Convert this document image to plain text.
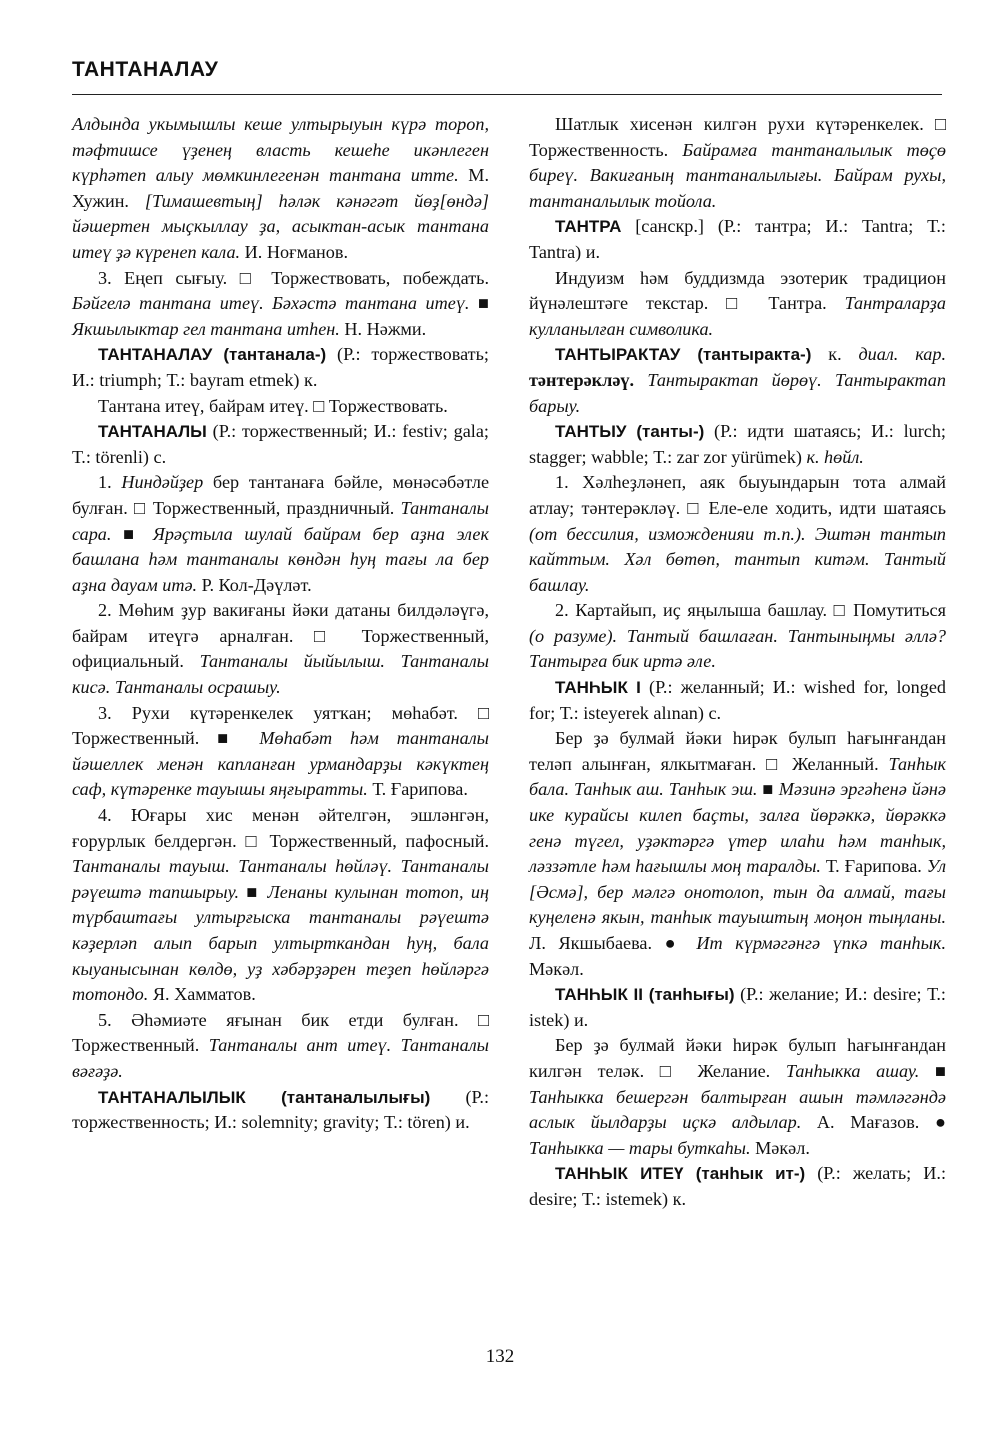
ТАНТАНАЛАУ

Алдында укымышлы кеше ултырыуын күрә тороп, тәфтишсе үҙенең власть кешеһе икәнлеген күрһәтеп алыу мөмкинлегенән тантана итте. М. Хужин. [Тимашевтың] һәләк кәнәгәт йөҙ[өндә] йәшертен мыҫкыллау ҙа, асыктан-асык тантана итеү ҙә күренеп кала. И. Ноғманов.

3. Еңеп сығыу. □ Торжествовать, побеждать. Бәйгелә тантана итеү. Бәхәстә тантана итеү. ■ Якшылыктар гел тантана итһен. Н. Нәжми.

ТАНТАНАЛАУ (тантанала-) (Р.: торжествовать; И.: triumph; Т.: bayram etmek) к.

Тантана итеү, байрам итеү. □ Торжествовать.

ТАНТАНАЛЫ (Р.: торжественный; И.: festiv; gala; Т.: törenli) с.

1. Ниндәйҙер бер тантанаға бәйле, мөнәсәбәтле булған. □ Торжественный, праздничный. Тантаналы сара. ■ Ярәҫтыла шулай байрам бер аҙна элек башлана һәм тантаналы көндән һуң тағы ла бер аҙна дауам итә. Р. Кол-Дәүләт.

2. Мөһим ҙур вакиғаны йәки датаны билдәләүгә, байрам итеүгә арналған. □ Торжественный, официальный. Тантаналы йыйылыш. Тантаналы кисә. Тантаналы осрашыу.

3. Рухи күтәренкелек уятҡан; мөһабәт. □ Торжественный. ■ Мөһабәт һәм тантаналы йәшеллек менән капланған урмандарҙы кәкүктең саф, күтәренке тауышы яңғыратты. Т. Ғарипова.

4. Юғары хис менән әйтелгән, эшләнгән, ғорурлык белдергән. □ Торжественный, пафосный. Тантаналы тауыш. Тантаналы һөйләү. Тантаналы рәүештә тапшырыу. ■ Ленаны кулынан тотоп, иң түрбаштағы ултырғыска тантаналы рәүештә кәҙерләп алып барып ултырткандан һуң, бала кыуанысынан көлдө, уҙ хәбәрҙәрен теҙеп һөйләргә тотондо. Я. Хамматов.

5. Әһәмиәте яғынан бик етди булған. □ Торжественный. Тантаналы ант итеү. Тантаналы вәғәҙә.

ТАНТАНАЛЫЛЫК (тантаналылығы) (Р.: торжественность; И.: solemnity; gravity; Т.: tören) и.

Шатлык хисенән килгән рухи күтәренкелек. □ Торжественность. Байрамға тантаналылык төҫө биреү. Вакиғаның тантаналылығы. Байрам рухы, тантаналылык тойола.

ТАНТРА [санскр.] (Р.: тантра; И.: Tantra; Т.: Tantra) и.

Индуизм һәм буддизмда эзотерик традицион йүнәлештәге текстар. □ Тантра. Тантраларҙа кулланылған символика.

ТАНТЫРАКТАУ (тантыракта-) к. диал. кар. тәнтерәкләү. Тантырактап йөрөү. Тантырактап барыу.

ТАНТЫУ (танты-) (Р.: идти шатаясь; И.: lurch; stagger; wabble; Т.: zar zor yürümek) к. һөйл.

1. Хәлһеҙләнеп, аяк быуындарын тота алмай атлау; тәнтерәкләү. □ Еле-еле ходить, идти шатаясь (от бессилия, изможденияи т.п.). Эштән тантып кайттым. Хәл бөтөп, тантып китәм. Тантый башлау.

2. Картайып, иҫ яңылыша башлау. □ Помутиться (о разуме). Тантый башлаған. Тантыныңмы әллә? Тантырға бик иртә әле.

ТАНҺЫК I (Р.: желанный; И.: wished for, longed for; Т.: isteyerek alınan) с.

Бер ҙә булмай йәки һирәк булып һағынғандан теләп алынған, ялкытмаған. □ Желанный. Танһык бала. Танһык аш. Танһык эш. ■ Мәзинә эргәһенә йәнә ике курайсы килеп баҫты, залға йөрәккә, йөрәккә генә түгел, уҙәктәргә үтер илаһи һәм танһык, ләззәтле һәм һағышлы моң таралды. Т. Ғарипова. Ул [Әсмә], бер мәлгә онотолоп, тын да алмай, тағы куңеленә якын, танһык тауыштың моңон тыңланы. Л. Якшыбаева. ● Ит күрмәгәнгә үпкә танһык. Мәкәл.

ТАНҺЫК II (танһығы) (Р.: желание; И.: desire; Т.: istek) и.

Бер ҙә булмай йәки һирәк булып һағынғандан килгән теләк. □ Желание. Танһыкка ашау. ■ Танһыкка бешергән балтырған ашын тәмләгәндә аслык йылдарҙы иҫкә алдылар. А. Мағазов. ● Танһыкка — тары буткаһы. Мәкәл.

ТАНҺЫК ИТЕҮ (танһык ит-) (Р.: желать; И.: desire; Т.: istemek) к.

132
